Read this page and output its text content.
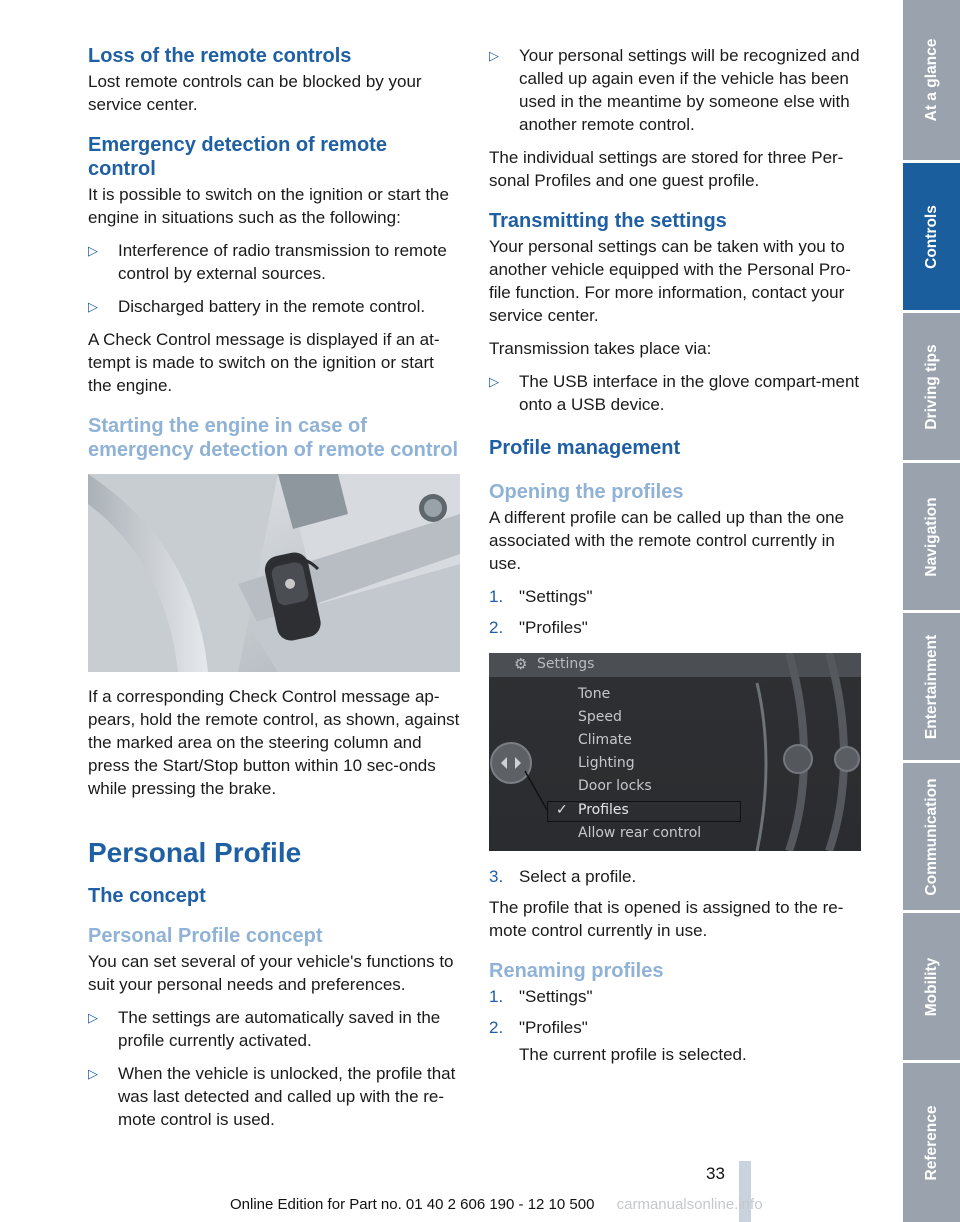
Loss of the remote controls

Lost remote controls can be blocked by your service center.

Emergency detection of remote control

It is possible to switch on the ignition or start the engine in situations such as the following:

▷ Interference of radio transmission to remote control by external sources.
▷ Discharged battery in the remote control.

A Check Control message is displayed if an at‐tempt is made to switch on the ignition or start the engine.

Starting the engine in case of emergency detection of remote control

If a corresponding Check Control message ap‐pears, hold the remote control, as shown, against the marked area on the steering column and press the Start/Stop button within 10 sec‐onds while pressing the brake.

Personal Profile
The concept
Personal Profile concept

You can set several of your vehicle's functions to suit your personal needs and preferences.

▷ The settings are automatically saved in the profile currently activated.
▷ When the vehicle is unlocked, the profile that was last detected and called up with the re‐mote control is used.
▷ Your personal settings will be recognized and called up again even if the vehicle has been used in the meantime by someone else with another remote control.

The individual settings are stored for three Per‐sonal Profiles and one guest profile.

Transmitting the settings

Your personal settings can be taken with you to another vehicle equipped with the Personal Pro‐file function. For more information, contact your service center.

Transmission takes place via:

▷ The USB interface in the glove compart‐ment onto a USB device.
Profile management
Opening the profiles

A different profile can be called up than the one associated with the remote control currently in use.

1. "Settings"
2. "Profiles"
⚙ Settings
Tone
Speed
Climate
Lighting
Door locks
✓ Profiles
Allow rear control
3. Select a profile.

The profile that is opened is assigned to the re‐mote control currently in use.

Renaming profiles
1. "Settings"
2. "Profiles"

The current profile is selected.

At a glance
Controls
Driving tips
Navigation
Entertainment
Communication
Mobility
Reference
33
Online Edition for Part no. 01 40 2 606 190 - 12 10 500 carmanualsonline.info
